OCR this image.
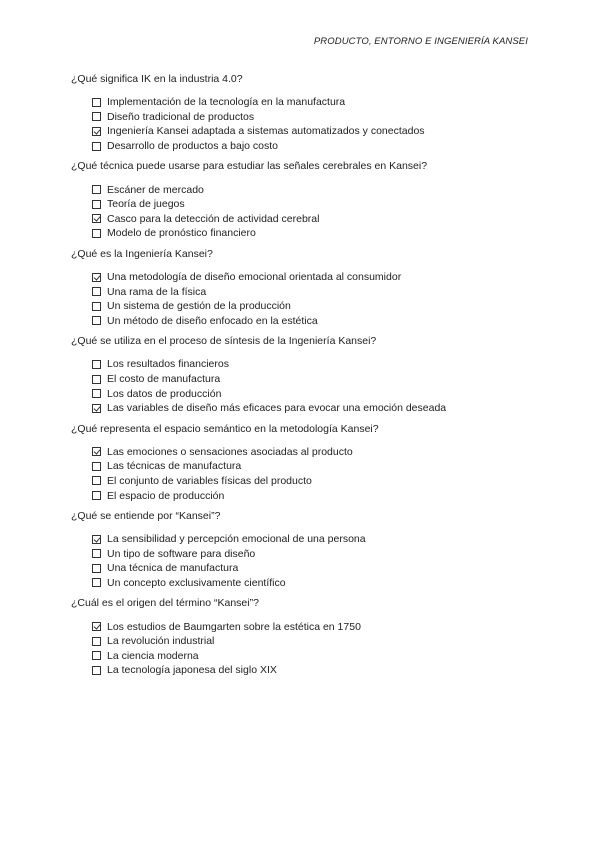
PRODUCTO, ENTORNO E INGENIERÍA KANSEI

¿Qué significa IK en la industria 4.0?

Implementación de la tecnología en la manufactura
Diseño tradicional de productos
Ingeniería Kansei adaptada a sistemas automatizados y conectados
Desarrollo de productos a bajo costo

¿Qué técnica puede usarse para estudiar las señales cerebrales en Kansei?

Escáner de mercado
Teoría de juegos
Casco para la detección de actividad cerebral
Modelo de pronóstico financiero

¿Qué es la Ingeniería Kansei?

Una metodología de diseño emocional orientada al consumidor
Una rama de la física
Un sistema de gestión de la producción
Un método de diseño enfocado en la estética

¿Qué se utiliza en el proceso de síntesis de la Ingeniería Kansei?

Los resultados financieros
El costo de manufactura
Los datos de producción
Las variables de diseño más eficaces para evocar una emoción deseada

¿Qué representa el espacio semántico en la metodología Kansei?

Las emociones o sensaciones asociadas al producto
Las técnicas de manufactura
El conjunto de variables físicas del producto
El espacio de producción

¿Qué se entiende por “Kansei”?

La sensibilidad y percepción emocional de una persona
Un tipo de software para diseño
Una técnica de manufactura
Un concepto exclusivamente científico

¿Cuál es el origen del término “Kansei”?

Los estudios de Baumgarten sobre la estética en 1750
La revolución industrial
La ciencia moderna
La tecnología japonesa del siglo XIX
